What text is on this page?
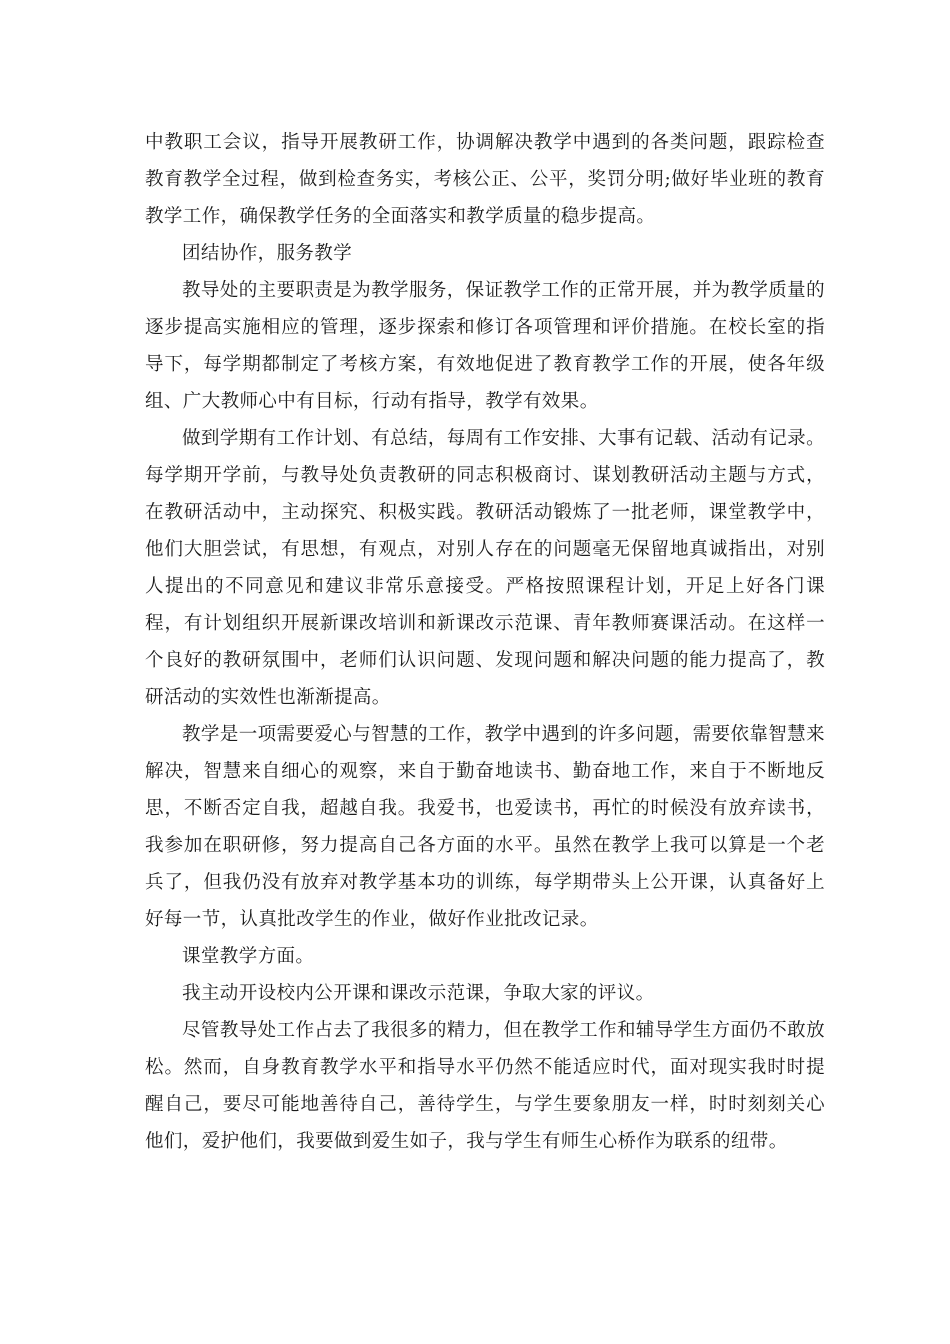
中教职工会议，指导开展教研工作，协调解决教学中遇到的各类问题，跟踪检查教育教学全过程，做到检查务实，考核公正、公平，奖罚分明;做好毕业班的教育教学工作，确保教学任务的全面落实和教学质量的稳步提高。

团结协作，服务教学

教导处的主要职责是为教学服务，保证教学工作的正常开展，并为教学质量的逐步提高实施相应的管理，逐步探索和修订各项管理和评价措施。在校长室的指导下，每学期都制定了考核方案，有效地促进了教育教学工作的开展，使各年级组、广大教师心中有目标，行动有指导，教学有效果。

做到学期有工作计划、有总结，每周有工作安排、大事有记载、活动有记录。每学期开学前，与教导处负责教研的同志积极商讨、谋划教研活动主题与方式，在教研活动中，主动探究、积极实践。教研活动锻炼了一批老师，课堂教学中，他们大胆尝试，有思想，有观点，对别人存在的问题毫无保留地真诚指出，对别人提出的不同意见和建议非常乐意接受。严格按照课程计划，开足上好各门课程，有计划组织开展新课改培训和新课改示范课、青年教师赛课活动。在这样一个良好的教研氛围中，老师们认识问题、发现问题和解决问题的能力提高了，教研活动的实效性也渐渐提高。

教学是一项需要爱心与智慧的工作，教学中遇到的许多问题，需要依靠智慧来解决，智慧来自细心的观察，来自于勤奋地读书、勤奋地工作，来自于不断地反思，不断否定自我，超越自我。我爱书，也爱读书，再忙的时候没有放弃读书，我参加在职研修，努力提高自己各方面的水平。虽然在教学上我可以算是一个老兵了，但我仍没有放弃对教学基本功的训练，每学期带头上公开课，认真备好上好每一节，认真批改学生的作业，做好作业批改记录。

课堂教学方面。

我主动开设校内公开课和课改示范课，争取大家的评议。

尽管教导处工作占去了我很多的精力，但在教学工作和辅导学生方面仍不敢放松。然而，自身教育教学水平和指导水平仍然不能适应时代，面对现实我时时提醒自己，要尽可能地善待自己，善待学生，与学生要象朋友一样，时时刻刻关心他们，爱护他们，我要做到爱生如子，我与学生有师生心桥作为联系的纽带。
